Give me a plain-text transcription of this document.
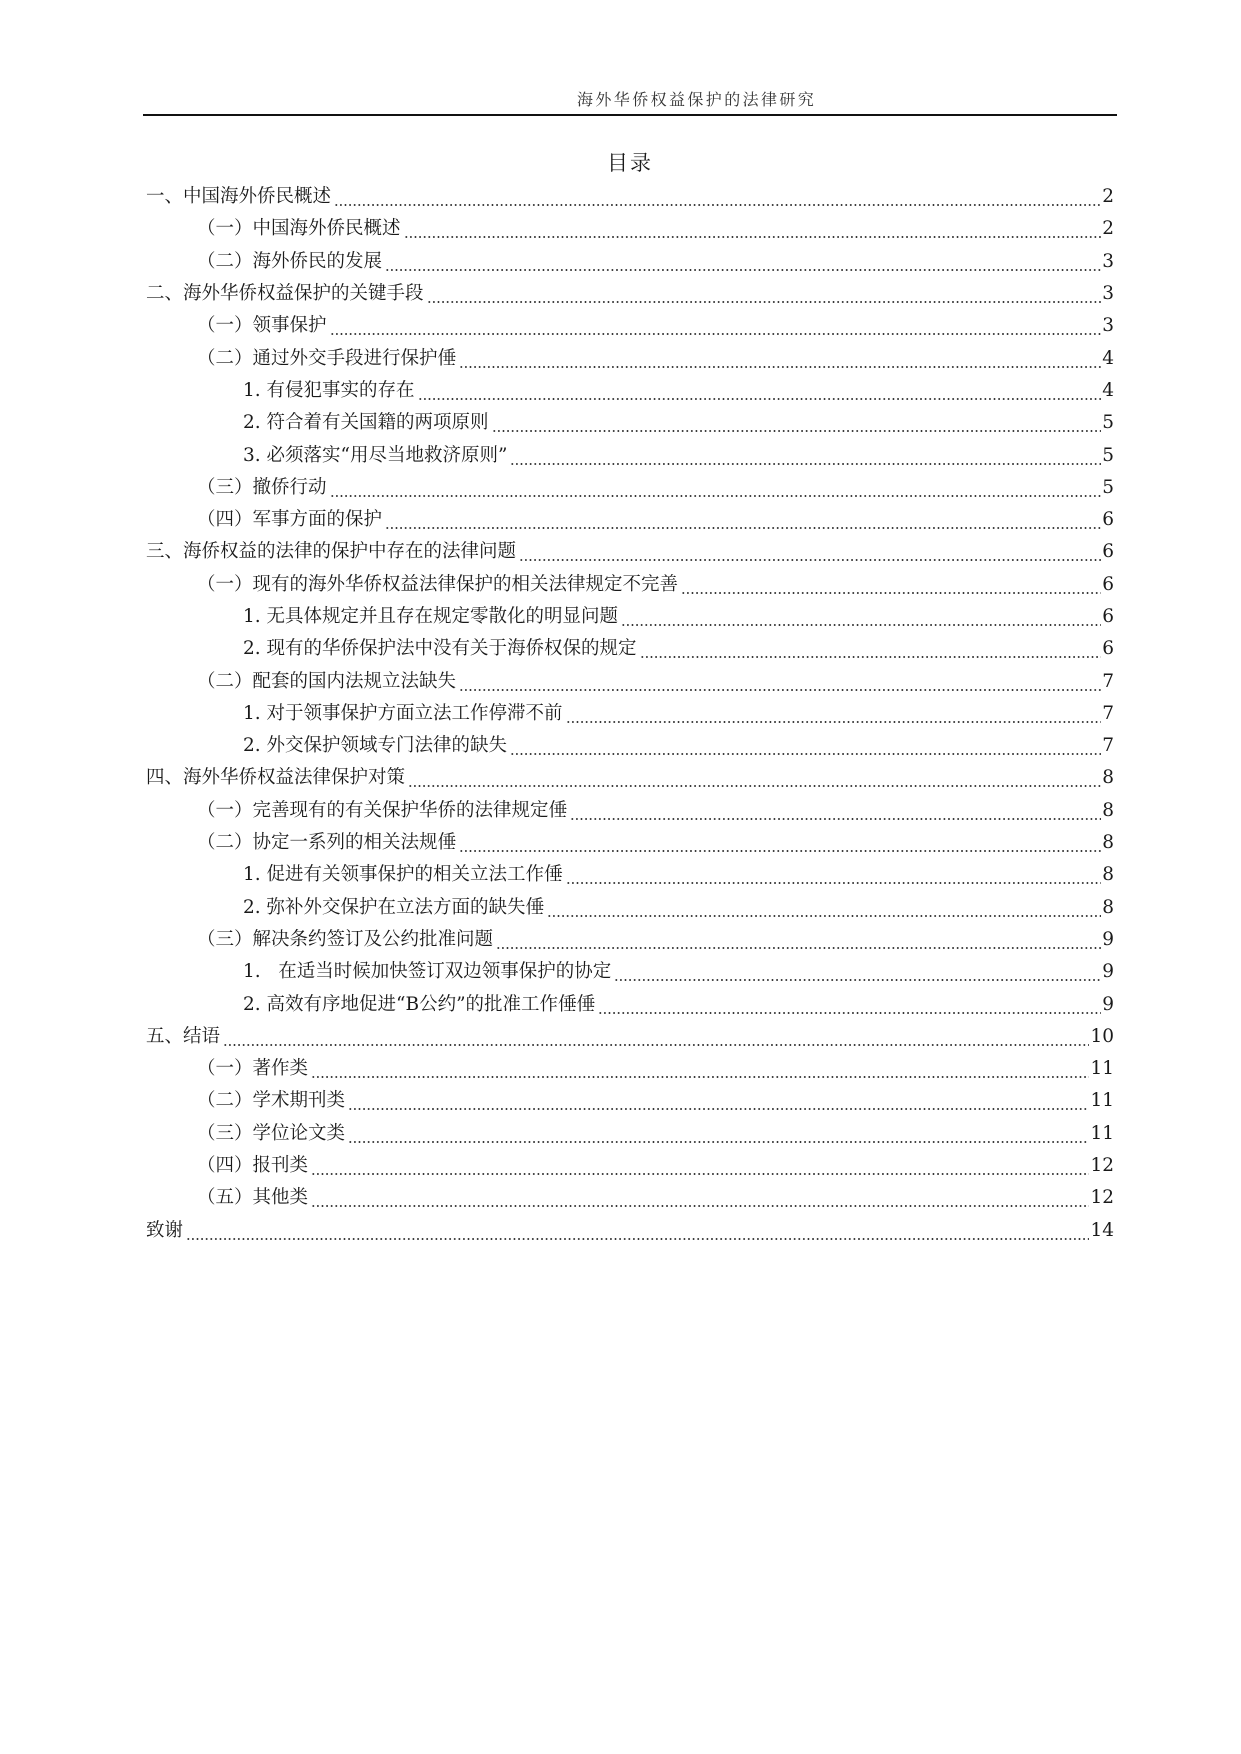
海外华侨权益保护的法律研究
目录
一、中国海外侨民概述	2
（一）中国海外侨民概述	2
（二）海外侨民的发展	3
二、海外华侨权益保护的关键手段	3
（一）领事保护	3
（二）通过外交手段进行保护倕	4
1. 有侵犯事实的存在	4
2. 符合着有关国籍的两项原则	5
3. 必须落实“用尽当地救济原则”	5
（三）撤侨行动	5
（四）军事方面的保护	6
三、海侨权益的法律的保护中存在的法律问题	6
（一）现有的海外华侨权益法律保护的相关法律规定不完善	6
1. 无具体规定并且存在规定零散化的明显问题	6
2. 现有的华侨保护法中没有关于海侨权保的规定	6
（二）配套的国内法规立法缺失	7
1. 对于领事保护方面立法工作停滞不前	7
2. 外交保护领域专门法律的缺失	7
四、海外华侨权益法律保护对策	8
（一）完善现有的有关保护华侨的法律规定倕	8
（二）协定一系列的相关法规倕	8
1. 促进有关领事保护的相关立法工作倕	8
2. 弥补外交保护在立法方面的缺失倕	8
（三）解决条约签订及公约批准问题	9
1.   在适当时候加快签订双边领事保护的协定	9
2. 高效有序地促进“B公约”的批准工作倕倕	9
五、结语	10
（一）著作类	11
（二）学术期刊类	11
（三）学位论文类	11
（四）报刊类	12
（五）其他类	12
致谢	14
